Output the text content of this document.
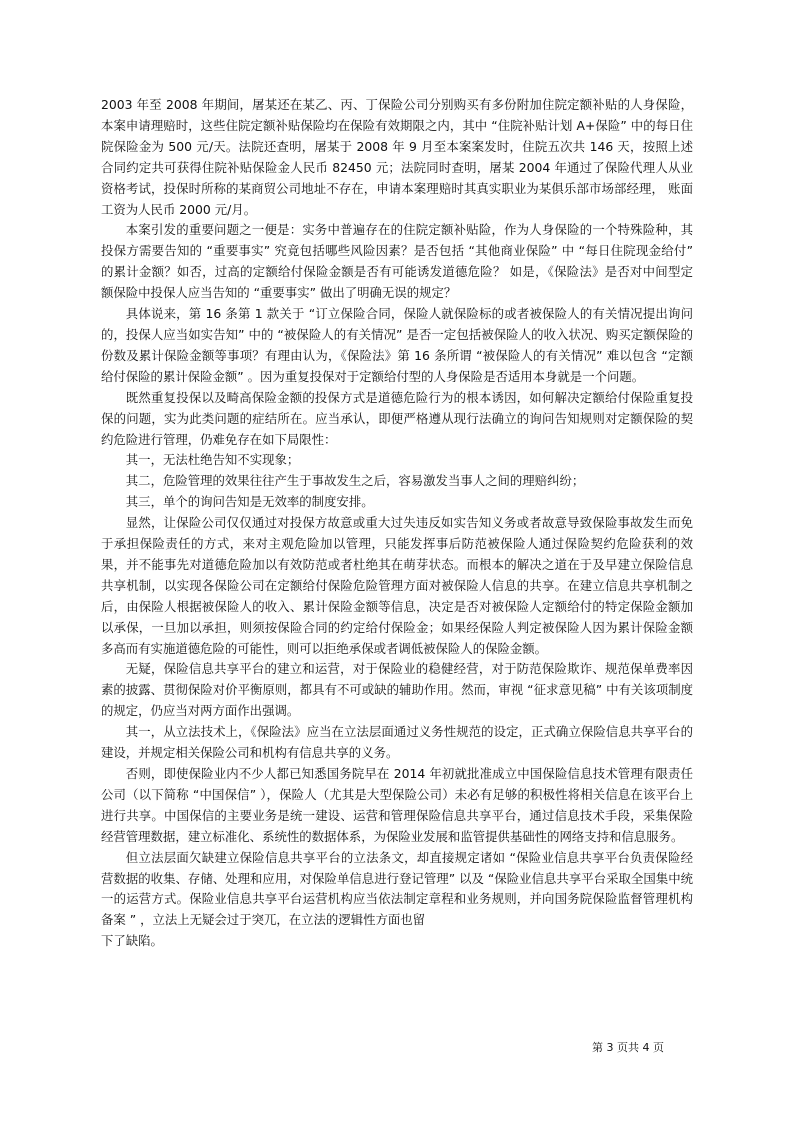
2003 年至 2008 年期间，屠某还在某乙、丙、丁保险公司分别购买有多份附加住院定额补贴的人身保险，本案申请理赔时，这些住院定额补贴保险均在保险有效期限之内，其中 “住院补贴计划 A+保险” 中的每日住院保险金为 500 元/天。法院还查明，屠某于 2008 年 9 月至本案案发时，住院五次共 146 天，按照上述合同约定共可获得住院补贴保险金人民币 82450 元；法院同时查明，屠某 2004 年通过了保险代理人从业资格考试，投保时所称的某商贸公司地址不存在，申请本案理赔时其真实职业为某俱乐部市场部经理， 账面工资为人民币 2000 元/月。

本案引发的重要问题之一便是：实务中普遍存在的住院定额补贴险，作为人身保险的一个特殊险种，其投保方需要告知的 “重要事实” 究竟包括哪些风险因素？是否包括 “其他商业保险” 中 “每日住院现金给付” 的累计金额？如否，过高的定额给付保险金额是否有可能诱发道德危险？ 如是，《保险法》是否对中间型定额保险中投保人应当告知的 “重要事实” 做出了明确无误的规定？

具体说来，第 16 条第 1 款关于 “订立保险合同，保险人就保险标的或者被保险人的有关情况提出询问的，投保人应当如实告知” 中的 “被保险人的有关情况” 是否一定包括被保险人的收入状况、购买定额保险的份数及累计保险金额等事项？有理由认为，《保险法》第 16 条所谓 “被保险人的有关情况” 难以包含 “定额给付保险的累计保险金额” 。因为重复投保对于定额给付型的人身保险是否适用本身就是一个问题。

既然重复投保以及畸高保险金额的投保方式是道德危险行为的根本诱因，如何解决定额给付保险重复投保的问题，实为此类问题的症结所在。应当承认，即便严格遵从现行法确立的询问告知规则对定额保险的契约危险进行管理，仍难免存在如下局限性：

其一，无法杜绝告知不实现象；

其二，危险管理的效果往往产生于事故发生之后，容易激发当事人之间的理赔纠纷；

其三，单个的询问告知是无效率的制度安排。

显然，让保险公司仅仅通过对投保方故意或重大过失违反如实告知义务或者故意导致保险事故发生而免于承担保险责任的方式，来对主观危险加以管理，只能发挥事后防范被保险人通过保险契约危险获利的效果，并不能事先对道德危险加以有效防范或者杜绝其在萌芽状态。而根本的解决之道在于及早建立保险信息共享机制，以实现各保险公司在定额给付保险危险管理方面对被保险人信息的共享。在建立信息共享机制之后，由保险人根据被保险人的收入、累计保险金额等信息，决定是否对被保险人定额给付的特定保险金额加以承保，一旦加以承担，则须按保险合同的约定给付保险金；如果经保险人判定被保险人因为累计保险金额多高而有实施道德危险的可能性，则可以拒绝承保或者调低被保险人的保险金额。

无疑，保险信息共享平台的建立和运营，对于保险业的稳健经营，对于防范保险欺诈、规范保单费率因素的披露、贯彻保险对价平衡原则，都具有不可或缺的辅助作用。然而，审视 “征求意见稿” 中有关该项制度的规定，仍应当对两方面作出强调。

其一，从立法技术上，《保险法》应当在立法层面通过义务性规范的设定，正式确立保险信息共享平台的建设，并规定相关保险公司和机构有信息共享的义务。

否则，即使保险业内不少人都已知悉国务院早在 2014 年初就批准成立中国保险信息技术管理有限责任公司（以下简称 “中国保信” ），保险人（尤其是大型保险公司）未必有足够的积极性将相关信息在该平台上进行共享。中国保信的主要业务是统一建设、运营和管理保险信息共享平台，通过信息技术手段，采集保险经营管理数据，建立标准化、系统性的数据体系，为保险业发展和监管提供基础性的网络支持和信息服务。

但立法层面欠缺建立保险信息共享平台的立法条文，却直接规定诸如 “保险业信息共享平台负责保险经营数据的收集、存储、处理和应用，对保险单信息进行登记管理” 以及 “保险业信息共享平台采取全国集中统一的运营方式。保险业信息共享平台运营机构应当依法制定章程和业务规则，并向国务院保险监督管理机构备案 ” ，立法上无疑会过于突兀，在立法的逻辑性方面也留

下了缺陷。

第 3 页共 4 页
